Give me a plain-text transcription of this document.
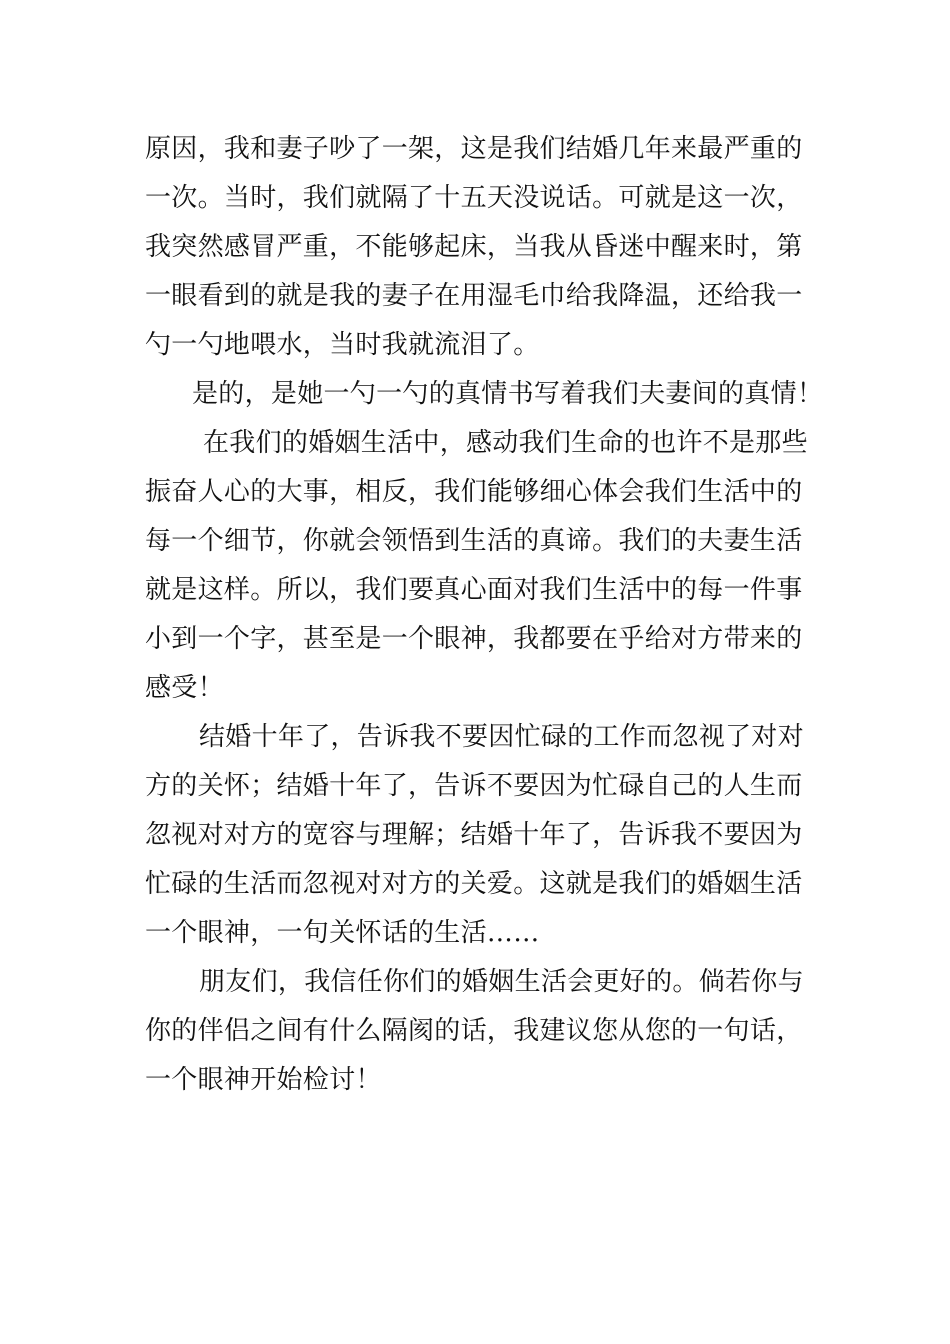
原因，我和妻子吵了一架，这是我们结婚几年来最严重的
一次。当时，我们就隔了十五天没说话。可就是这一次，
我突然感冒严重，不能够起床，当我从昏迷中醒来时，第
一眼看到的就是我的妻子在用湿毛巾给我降温，还给我一
勺一勺地喂水，当时我就流泪了。
是的，是她一勺一勺的真情书写着我们夫妻间的真情！
在我们的婚姻生活中，感动我们生命的也许不是那些
振奋人心的大事，相反，我们能够细心体会我们生活中的
每一个细节，你就会领悟到生活的真谛。我们的夫妻生活
就是这样。所以，我们要真心面对我们生活中的每一件事
小到一个字，甚至是一个眼神，我都要在乎给对方带来的
感受！
结婚十年了，告诉我不要因忙碌的工作而忽视了对对
方的关怀；结婚十年了，告诉不要因为忙碌自己的人生而
忽视对对方的宽容与理解；结婚十年了，告诉我不要因为
忙碌的生活而忽视对对方的关爱。这就是我们的婚姻生活
一个眼神，一句关怀话的生活……
朋友们，我信任你们的婚姻生活会更好的。倘若你与
你的伴侣之间有什么隔阂的话，我建议您从您的一句话，
一个眼神开始检讨！
